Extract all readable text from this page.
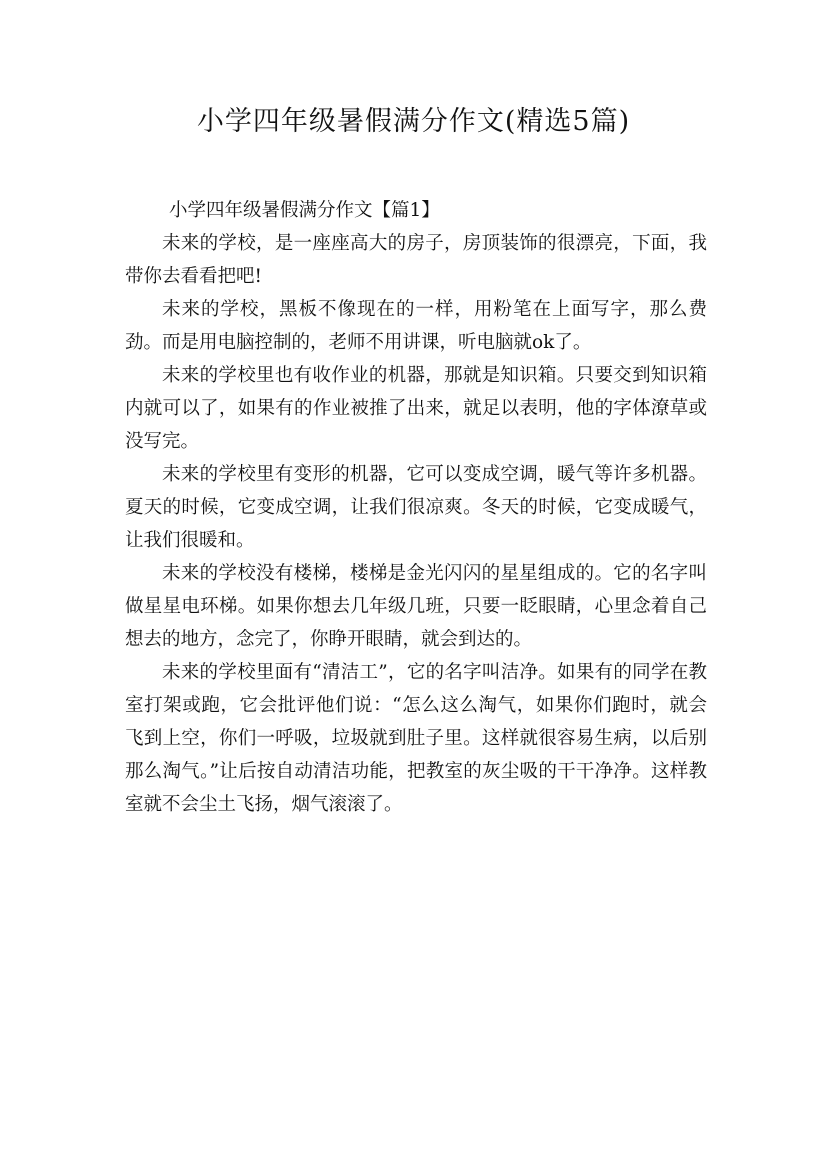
小学四年级暑假满分作文(精选5篇)

小学四年级暑假满分作文【篇1】

未来的学校，是一座座高大的房子，房顶装饰的很漂亮，下面，我带你去看看把吧!

未来的学校，黑板不像现在的一样，用粉笔在上面写字，那么费劲。而是用电脑控制的，老师不用讲课，听电脑就ok了。

未来的学校里也有收作业的机器，那就是知识箱。只要交到知识箱内就可以了，如果有的作业被推了出来，就足以表明，他的字体潦草或没写完。

未来的学校里有变形的机器，它可以变成空调，暖气等许多机器。夏天的时候，它变成空调，让我们很凉爽。冬天的时候，它变成暖气，让我们很暖和。

未来的学校没有楼梯，楼梯是金光闪闪的星星组成的。它的名字叫做星星电环梯。如果你想去几年级几班，只要一眨眼睛，心里念着自己想去的地方，念完了，你睁开眼睛，就会到达的。

未来的学校里面有“清洁工”，它的名字叫洁净。如果有的同学在教室打架或跑，它会批评他们说：“怎么这么淘气，如果你们跑时，就会飞到上空，你们一呼吸，垃圾就到肚子里。这样就很容易生病，以后别那么淘气。”让后按自动清洁功能，把教室的灰尘吸的干干净净。这样教室就不会尘土飞扬，烟气滚滚了。
